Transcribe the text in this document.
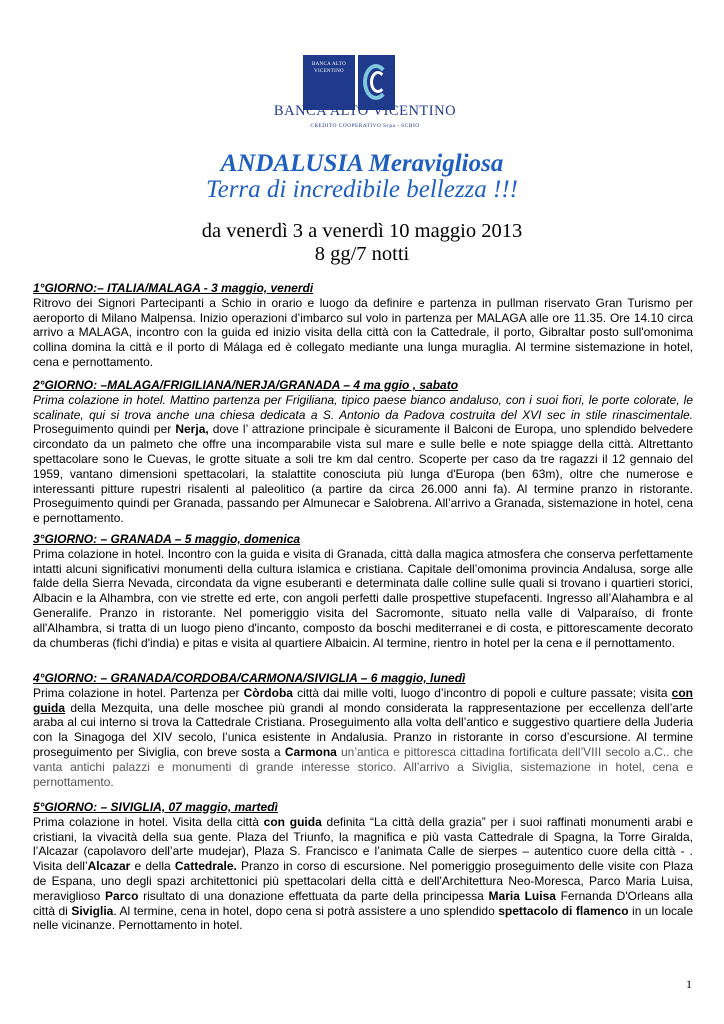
BANCA ALTO VICENTINO
BANCA ALTO VICENTINO
CREDITO COOPERATIVO Scpa - SCHIO
ANDALUSIA Meravigliosa
Terra di incredibile bellezza !!!
da venerdì 3 a venerdì 10 maggio 2013
8 gg/7 notti
1°GIORNO:– ITALIA/MALAGA - 3 maggio, venerdi

Ritrovo dei Signori Partecipanti a Schio in orario e luogo da definire e partenza in pullman riservato Gran Turismo per aeroporto di Milano Malpensa. Inizio operazioni d’imbarco sul volo in partenza per MALAGA alle ore 11.35. Ore 14.10 circa arrivo a MALAGA, incontro con la guida ed inizio visita della città con la Cattedrale, il porto, Gibraltar posto sull'omonima collina domina la città e il porto di Málaga ed è collegato mediante una lunga muraglia. Al termine sistemazione in hotel, cena e pernottamento.

2°GIORNO: –MALAGA/FRIGILIANA/NERJA/GRANADA – 4 ma ggio , sabato

Prima colazione in hotel. Mattino partenza per Frigiliana, tipico paese bianco andaluso, con i suoi fiori, le porte colorate, le scalinate, qui si trova anche una chiesa dedicata a S. Antonio da Padova costruita del XVI sec in stile rinascimentale. Proseguimento quindi per Nerja, dove l’ attrazione principale è sicuramente il Balconi de Europa, uno splendido belvedere circondato da un palmeto che offre una incomparabile vista sul mare e sulle belle e note spiagge della città. Altrettanto spettacolare sono le Cuevas, le grotte situate a soli tre km dal centro. Scoperte per caso da tre ragazzi il 12 gennaio del 1959, vantano dimensioni spettacolari, la stalattite conosciuta più lunga d'Europa (ben 63m), oltre che numerose e interessanti pitture rupestri risalenti al paleolitico (a partire da circa 26.000 anni fa). Al termine pranzo in ristorante. Proseguimento quindi per Granada, passando per Almunecar e Salobrena. All’arrivo a Granada, sistemazione in hotel, cena e pernottamento.

3°GIORNO: – GRANADA – 5 maggio, domenica

Prima colazione in hotel. Incontro con la guida e visita di Granada, città dalla magica atmosfera che conserva perfettamente intatti alcuni significativi monumenti della cultura islamica e cristiana. Capitale dell’omonima provincia Andalusa, sorge alle falde della Sierra Nevada, circondata da vigne esuberanti e determinata dalle colline sulle quali si trovano i quartieri storici, Albacin e la Alhambra, con vie strette ed erte, con angoli perfetti dalle prospettive stupefacenti. Ingresso all’Alahambra e al Generalife. Pranzo in ristorante. Nel pomeriggio visita del Sacromonte, situato nella valle di Valparaíso, di fronte all'Alhambra, si tratta di un luogo pieno d'incanto, composto da boschi mediterranei e di costa, e pittorescamente decorato da chumberas (fichi d'india) e pitas e visita al quartiere Albaicin. Al termine, rientro in hotel per la cena e il pernottamento.

4°GIORNO: – GRANADA/CORDOBA/CARMONA/SIVIGLIA – 6 maggio, lunedì

Prima colazione in hotel. Partenza per Còrdoba città dai mille volti, luogo d’incontro di popoli e culture passate; visita con guida della Mezquita, una delle moschee più grandi al mondo considerata la rappresentazione per eccellenza dell’arte araba al cui interno si trova la Cattedrale Cristiana. Proseguimento alla volta dell’antico e suggestivo quartiere della Juderia con la Sinagoga del XIV secolo, l’unica esistente in Andalusia. Pranzo in ristorante in corso d’escursione. Al termine proseguimento per Siviglia, con breve sosta a Carmona un’antica e pittoresca cittadina fortificata dell’VIII secolo a.C.. che vanta antichi palazzi e monumenti di grande interesse storico. All’arrivo a Siviglia, sistemazione in hotel, cena e pernottamento.

5°GIORNO: – SIVIGLIA, 07 maggio, martedì

Prima colazione in hotel. Visita della città con guida definita “La città della grazia” per i suoi raffinati monumenti arabi e cristiani, la vivacità della sua gente. Plaza del Triunfo, la magnifica e più vasta Cattedrale di Spagna, la Torre Giralda, l’Alcazar (capolavoro dell’arte mudejar), Plaza S. Francisco e l’animata Calle de sierpes – autentico cuore della città - . Visita dell’Alcazar e della Cattedrale. Pranzo in corso di escursione. Nel pomeriggio proseguimento delle visite con Plaza de Espana, uno degli spazi architettonici più spettacolari della città e dell'Architettura Neo-Moresca, Parco Maria Luisa, meraviglioso Parco risultato di una donazione effettuata da parte della principessa Maria Luisa Fernanda D'Orleans alla città di Siviglia. Al termine, cena in hotel, dopo cena si potrà assistere a uno splendido spettacolo di flamenco in un locale nelle vicinanze. Pernottamento in hotel.

1
